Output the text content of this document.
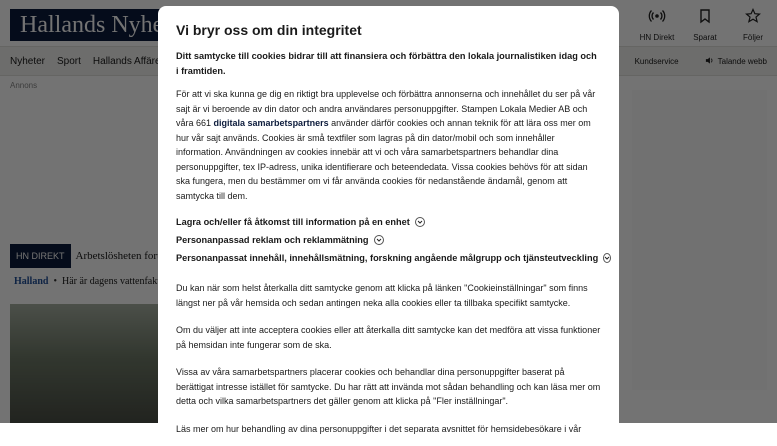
Vi bryr oss om din integritet

Ditt samtycke till cookies bidrar till att finansiera och förbättra den lokala journalistiken idag och i framtiden.

För att vi ska kunna ge dig en riktigt bra upplevelse och förbättra annonserna och innehållet du ser på vår sajt är vi beroende av din dator och andra användares personuppgifter. Stampen Lokala Medier AB och våra 661 digitala samarbetspartners använder därför cookies och annan teknik för att lära oss mer om hur vår sajt används. Cookies är små textfiler som lagras på din dator/mobil och som innehåller information. Användningen av cookies innebär att vi och våra samarbetspartners behandlar dina personuppgifter, tex IP-adress, unika identifierare och beteendedata. Vissa cookies behövs för att sidan ska fungera, men du bestämmer om vi får använda cookies för nedanstående ändamål, genom att samtycka till dem.

Lagra och/eller få åtkomst till information på en enhet
Personanpassad reklam och reklammätning
Personanpassat innehåll, innehållsmätning, forskning angående målgrupp och tjänsteutveckling

Du kan när som helst återkalla ditt samtycke genom att klicka på länken "Cookieinställningar" som finns längst ner på vår hemsida och sedan antingen neka alla cookies eller ta tillbaka specifikt samtycke.

Om du väljer att inte acceptera cookies eller att återkalla ditt samtycke kan det medföra att vissa funktioner på hemsidan inte fungerar som de ska.

Vissa av våra samarbetspartners placerar cookies och behandlar dina personuppgifter baserat på berättigat intresse istället för samtycke. Du har rätt att invända mot sådan behandling och kan läsa mer om detta och vilka samarbetspartners det gäller genom att klicka på "Fler inställningar".

Läs mer om hur behandling av dina personuppgifter i det separata avsnittet för hemsidebesökare i vår
